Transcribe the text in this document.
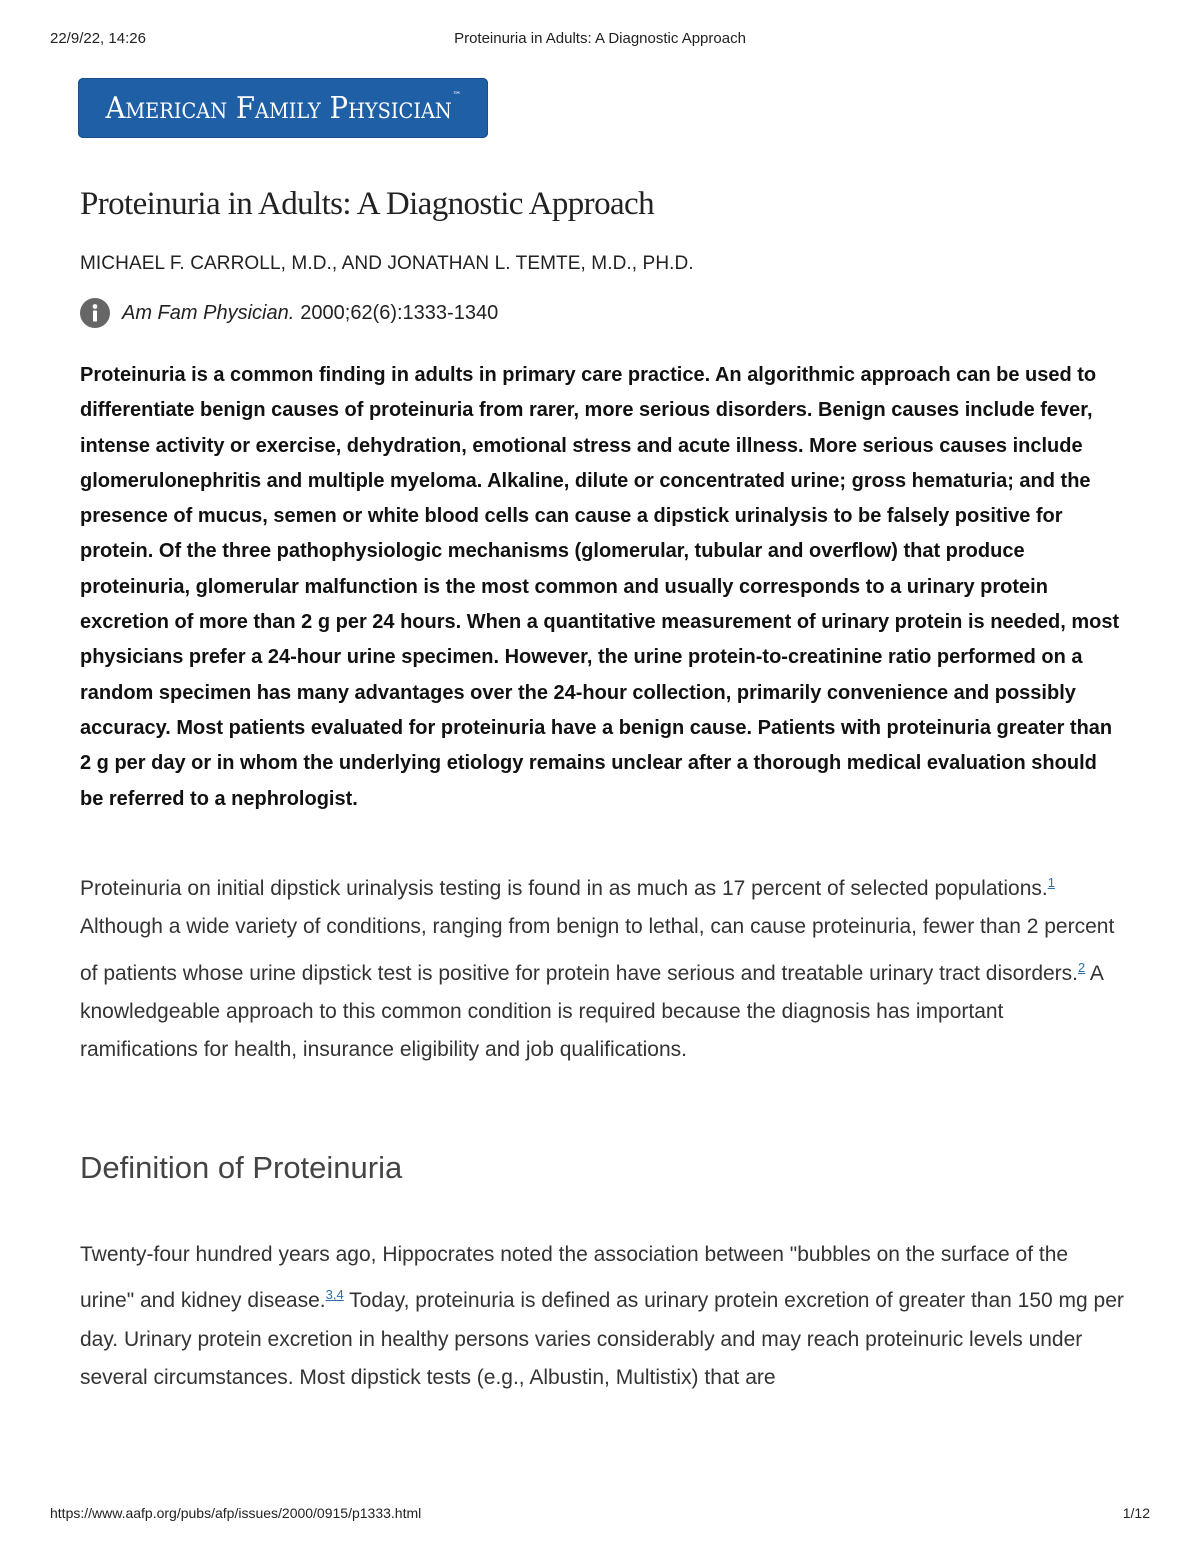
22/9/22, 14:26	Proteinuria in Adults: A Diagnostic Approach
American Family Physician™
Proteinuria in Adults: A Diagnostic Approach
MICHAEL F. CARROLL, M.D., AND JONATHAN L. TEMTE, M.D., PH.D.
Am Fam Physician. 2000;62(6):1333-1340
Proteinuria is a common finding in adults in primary care practice. An algorithmic approach can be used to differentiate benign causes of proteinuria from rarer, more serious disorders. Benign causes include fever, intense activity or exercise, dehydration, emotional stress and acute illness. More serious causes include glomerulonephritis and multiple myeloma. Alkaline, dilute or concentrated urine; gross hematuria; and the presence of mucus, semen or white blood cells can cause a dipstick urinalysis to be falsely positive for protein. Of the three pathophysiologic mechanisms (glomerular, tubular and overflow) that produce proteinuria, glomerular malfunction is the most common and usually corresponds to a urinary protein excretion of more than 2 g per 24 hours. When a quantitative measurement of urinary protein is needed, most physicians prefer a 24-hour urine specimen. However, the urine protein-to-creatinine ratio performed on a random specimen has many advantages over the 24-hour collection, primarily convenience and possibly accuracy. Most patients evaluated for proteinuria have a benign cause. Patients with proteinuria greater than 2 g per day or in whom the underlying etiology remains unclear after a thorough medical evaluation should be referred to a nephrologist.
Proteinuria on initial dipstick urinalysis testing is found in as much as 17 percent of selected populations.$^1$ Although a wide variety of conditions, ranging from benign to lethal, can cause proteinuria, fewer than 2 percent of patients whose urine dipstick test is positive for protein have serious and treatable urinary tract disorders.$^2$ A knowledgeable approach to this common condition is required because the diagnosis has important ramifications for health, insurance eligibility and job qualifications.
Definition of Proteinuria
Twenty-four hundred years ago, Hippocrates noted the association between "bubbles on the surface of the urine" and kidney disease.$^{3,4}$ Today, proteinuria is defined as urinary protein excretion of greater than 150 mg per day. Urinary protein excretion in healthy persons varies considerably and may reach proteinuric levels under several circumstances. Most dipstick tests (e.g., Albustin, Multistix) that are
https://www.aafp.org/pubs/afp/issues/2000/0915/p1333.html	1/12
